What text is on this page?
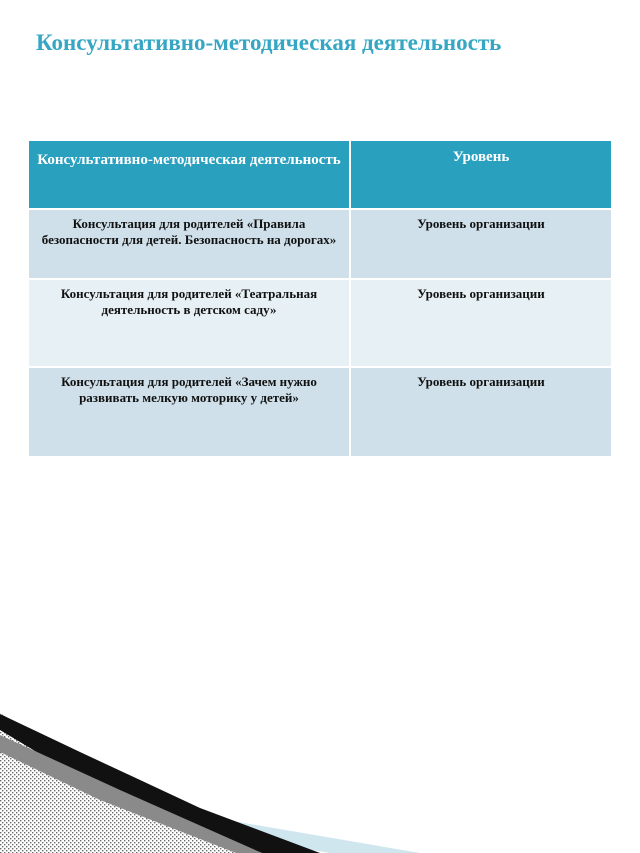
Консультативно-методическая деятельность
Консультативно-методическая деятельность	Уровень
Консультация для родителей «Правила безопасности для детей. Безопасность на дорогах»	Уровень организации
Консультация для родителей «Театральная деятельность в детском саду»	Уровень организации
Консультация для родителей «Зачем нужно развивать мелкую моторику у детей»	Уровень организации
